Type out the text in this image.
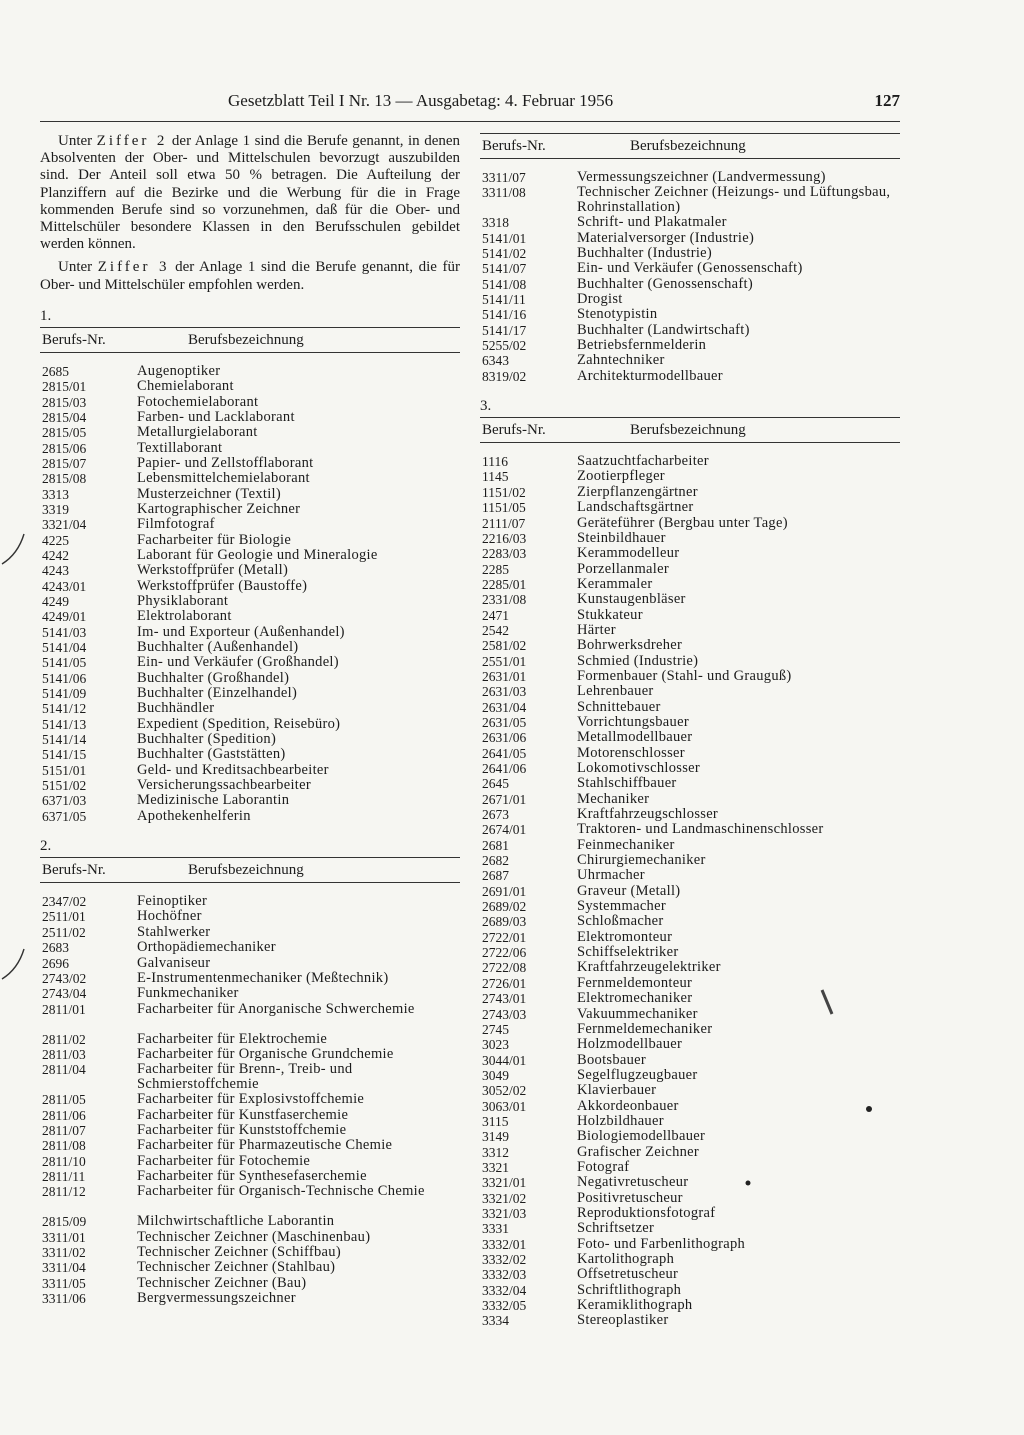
Gesetzblatt Teil I Nr. 13 — Ausgabetag: 4. Februar 1956	127

Unter Ziffer 2 der Anlage 1 sind die Berufe genannt, in denen Absolventen der Ober- und Mittelschulen bevorzugt auszubilden sind. Der Anteil soll etwa 50 % betragen. Die Aufteilung der Planziffern auf die Bezirke und die Werbung für die in Frage kommenden Berufe sind so vorzunehmen, daß für die Ober- und Mittelschüler besondere Klassen in den Berufsschulen gebildet werden können.

Unter Ziffer 3 der Anlage 1 sind die Berufe genannt, die für Ober- und Mittelschüler empfohlen werden.

1.
Berufs-Nr.	Berufsbezeichnung
2685	Augenoptiker
2815/01	Chemielaborant
2815/03	Fotochemielaborant
2815/04	Farben- und Lacklaborant
2815/05	Metallurgielaborant
2815/06	Textillaborant
2815/07	Papier- und Zellstofflaborant
2815/08	Lebensmittelchemielaborant
3313	Musterzeichner (Textil)
3319	Kartographischer Zeichner
3321/04	Filmfotograf
4225	Facharbeiter für Biologie
4242	Laborant für Geologie und Mineralogie
4243	Werkstoffprüfer (Metall)
4243/01	Werkstoffprüfer (Baustoffe)
4249	Physiklaborant
4249/01	Elektrolaborant
5141/03	Im- und Exporteur (Außenhandel)
5141/04	Buchhalter (Außenhandel)
5141/05	Ein- und Verkäufer (Großhandel)
5141/06	Buchhalter (Großhandel)
5141/09	Buchhalter (Einzelhandel)
5141/12	Buchhändler
5141/13	Expedient (Spedition, Reisebüro)
5141/14	Buchhalter (Spedition)
5141/15	Buchhalter (Gaststätten)
5151/01	Geld- und Kreditsachbearbeiter
5151/02	Versicherungssachbearbeiter
6371/03	Medizinische Laborantin
6371/05	Apothekenhelferin
2.
Berufs-Nr.	Berufsbezeichnung
2347/02	Feinoptiker
2511/01	Hochöfner
2511/02	Stahlwerker
2683	Orthopädiemechaniker
2696	Galvaniseur
2743/02	E-Instrumentenmechaniker (Meßtechnik)
2743/04	Funkmechaniker
2811/01	Facharbeiter für Anorganische Schwerchemie
2811/02	Facharbeiter für Elektrochemie
2811/03	Facharbeiter für Organische Grundchemie
2811/04	Facharbeiter für Brenn-, Treib- und Schmierstoffchemie
2811/05	Facharbeiter für Explosivstoffchemie
2811/06	Facharbeiter für Kunstfaserchemie
2811/07	Facharbeiter für Kunststoffchemie
2811/08	Facharbeiter für Pharmazeutische Chemie
2811/10	Facharbeiter für Fotochemie
2811/11	Facharbeiter für Synthesefaserchemie
2811/12	Facharbeiter für Organisch-Technische Chemie
2815/09	Milchwirtschaftliche Laborantin
3311/01	Technischer Zeichner (Maschinenbau)
3311/02	Technischer Zeichner (Schiffbau)
3311/04	Technischer Zeichner (Stahlbau)
3311/05	Technischer Zeichner (Bau)
3311/06	Bergvermessungszeichner
Berufs-Nr.	Berufsbezeichnung
3311/07	Vermessungszeichner (Landvermessung)
3311/08	Technischer Zeichner (Heizungs- und Lüftungsbau, Rohrinstallation)
3318	Schrift- und Plakatmaler
5141/01	Materialversorger (Industrie)
5141/02	Buchhalter (Industrie)
5141/07	Ein- und Verkäufer (Genossenschaft)
5141/08	Buchhalter (Genossenschaft)
5141/11	Drogist
5141/16	Stenotypistin
5141/17	Buchhalter (Landwirtschaft)
5255/02	Betriebsfernmelderin
6343	Zahntechniker
8319/02	Architekturmodellbauer
3.
Berufs-Nr.	Berufsbezeichnung
1116	Saatzuchtfacharbeiter
1145	Zootierpfleger
1151/02	Zierpflanzengärtner
1151/05	Landschaftsgärtner
2111/07	Geräteführer (Bergbau unter Tage)
2216/03	Steinbildhauer
2283/03	Kerammodelleur
2285	Porzellanmaler
2285/01	Kerammaler
2331/08	Kunstaugenbläser
2471	Stukkateur
2542	Härter
2581/02	Bohrwerksdreher
2551/01	Schmied (Industrie)
2631/01	Formenbauer (Stahl- und Grauguß)
2631/03	Lehrenbauer
2631/04	Schnittebauer
2631/05	Vorrichtungsbauer
2631/06	Metallmodellbauer
2641/05	Motorenschlosser
2641/06	Lokomotivschlosser
2645	Stahlschiffbauer
2671/01	Mechaniker
2673	Kraftfahrzeugschlosser
2674/01	Traktoren- und Landmaschinenschlosser
2681	Feinmechaniker
2682	Chirurgiemechaniker
2687	Uhrmacher
2691/01	Graveur (Metall)
2689/02	Systemmacher
2689/03	Schloßmacher
2722/01	Elektromonteur
2722/06	Schiffselektriker
2722/08	Kraftfahrzeugelektriker
2726/01	Fernmeldemonteur
2743/01	Elektromechaniker
2743/03	Vakuummechaniker
2745	Fernmeldemechaniker
3023	Holzmodellbauer
3044/01	Bootsbauer
3049	Segelflugzeugbauer
3052/02	Klavierbauer
3063/01	Akkordeonbauer
3115	Holzbildhauer
3149	Biologiemodellbauer
3312	Grafischer Zeichner
3321	Fotograf
3321/01	Negativretuscheur
3321/02	Positivretuscheur
3321/03	Reproduktionsfotograf
3331	Schriftsetzer
3332/01	Foto- und Farbenlithograph
3332/02	Kartolithograph
3332/03	Offsetretuscheur
3332/04	Schriftlithograph
3332/05	Keramiklithograph
3334	Stereoplastiker
